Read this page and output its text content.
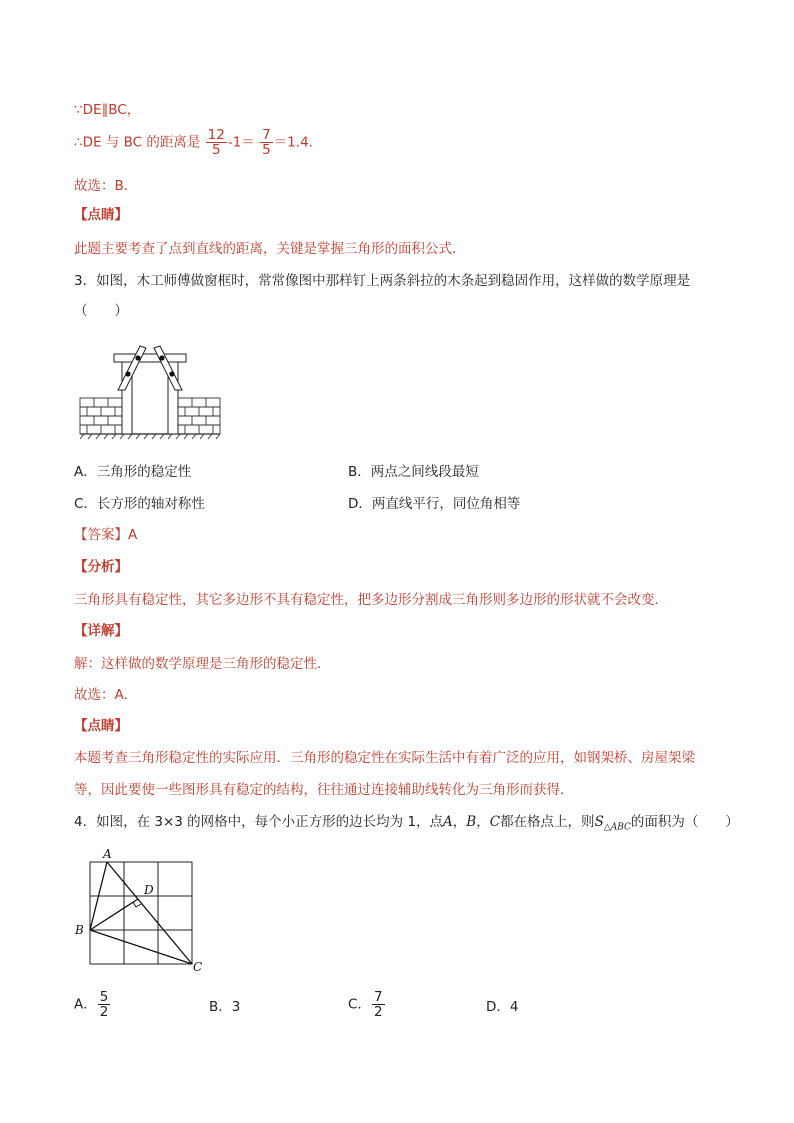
∵DE∥BC，
∴DE 与 BC 的距离是 $\frac{12}{5} -1= \frac{7}{5} =1.4$．
故选：B．
【点睛】
此题主要考查了点到直线的距离，关键是掌握三角形的面积公式．
3．如图，木工师傅做窗框时，常常像图中那样钉上两条斜拉的木条起到稳固作用，这样做的数学原理是
（　　）
A．三角形的稳定性	B．两点之间线段最短
C．长方形的轴对称性	D．两直线平行，同位角相等
【答案】A
【分析】
三角形具有稳定性，其它多边形不具有稳定性，把多边形分割成三角形则多边形的形状就不会改变．
【详解】
解：这样做的数学原理是三角形的稳定性．
故选：A．
【点睛】
本题考查三角形稳定性的实际应用．三角形的稳定性在实际生活中有着广泛的应用，如钢架桥、房屋架梁
等，因此要使一些图形具有稳定的结构，往往通过连接辅助线转化为三角形而获得．
4．如图，在 3×3 的网格中，每个小正方形的边长均为 1，点A，B，C都在格点上，则$S_{\triangle ABC}$的面积为（　　）
A
B
C
D
A． $\frac{5}{2}$	B．3	C． $\frac{7}{2}$	D．4
